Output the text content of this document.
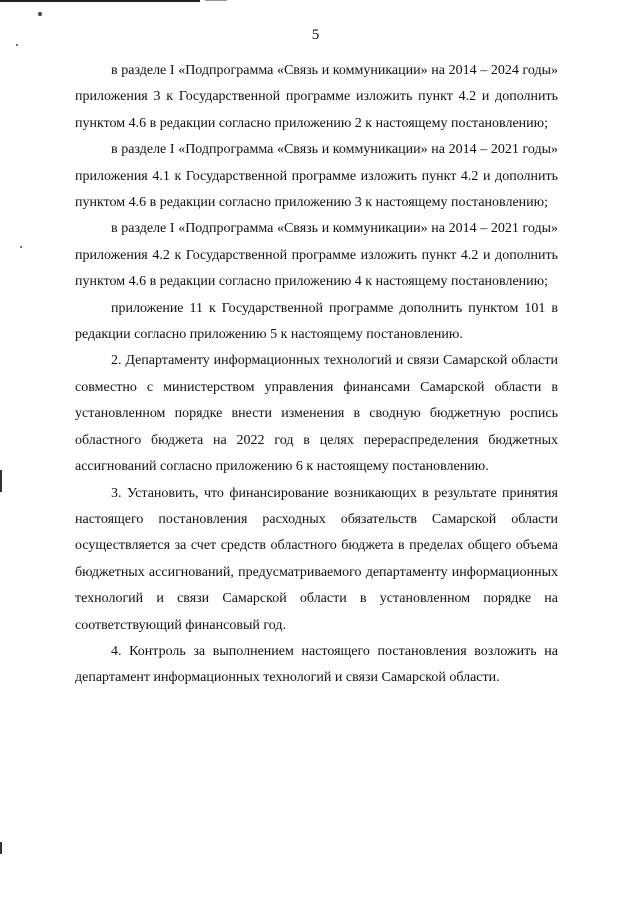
5

в разделе I «Подпрограмма «Связь и коммуникации» на 2014 – 2024 годы» приложения 3 к Государственной программе изложить пункт 4.2 и дополнить пунктом 4.6 в редакции согласно приложению 2 к настоящему постановлению;

в разделе I «Подпрограмма «Связь и коммуникации» на 2014 – 2021 годы» приложения 4.1 к Государственной программе изложить пункт 4.2 и дополнить пунктом 4.6 в редакции согласно приложению 3 к настоящему постановлению;

в разделе I «Подпрограмма «Связь и коммуникации» на 2014 – 2021 годы» приложения 4.2 к Государственной программе изложить пункт 4.2 и дополнить пунктом 4.6 в редакции согласно приложению 4 к настоящему постановлению;

приложение 11 к Государственной программе дополнить пунктом 101 в редакции согласно приложению 5 к настоящему постановлению.

2. Департаменту информационных технологий и связи Самарской области совместно с министерством управления финансами Самарской области в установленном порядке внести изменения в сводную бюджетную роспись областного бюджета на 2022 год в целях перераспределения бюджетных ассигнований согласно приложению 6 к настоящему постановлению.

3. Установить, что финансирование возникающих в результате принятия настоящего постановления расходных обязательств Самарской области осуществляется за счет средств областного бюджета в пределах общего объема бюджетных ассигнований, предусматриваемого департаменту информационных технологий и связи Самарской области в установленном порядке на соответствующий финансовый год.

4. Контроль за выполнением настоящего постановления возложить на департамент информационных технологий и связи Самарской области.
